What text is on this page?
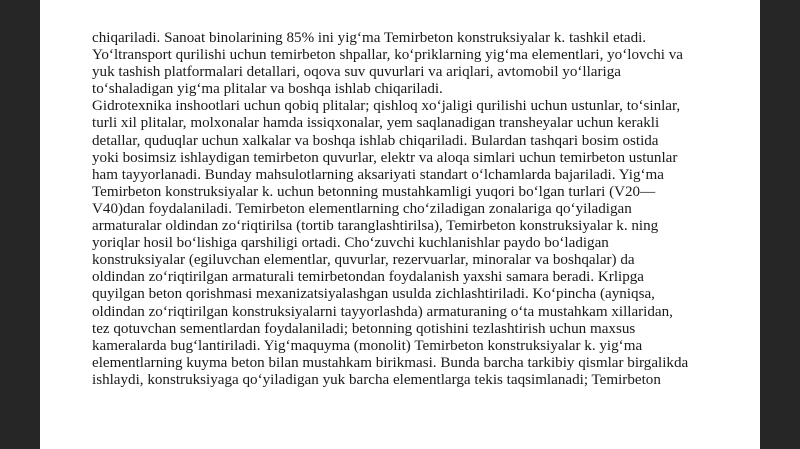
chiqariladi. Sanoat binolarining 85% ini yig‘ma Temirbeton konstruksiyalar k. tashkil etadi.
Yo‘ltransport qurilishi uchun temirbeton shpallar, ko‘priklarning yig‘ma elementlari, yo‘lovchi va
yuk tashish platformalari detallari, oqova suv quvurlari va ariqlari, avtomobil yo‘llariga
to‘shaladigan yig‘ma plitalar va boshqa ishlab chiqariladi.
Gidrotexnika inshootlari uchun qobiq plitalar; qishloq xo‘jaligi qurilishi uchun ustunlar, to‘sinlar,
turli xil plitalar, molxonalar hamda issiqxonalar, yem saqlanadigan transheyalar uchun kerakli
detallar, quduqlar uchun xalkalar va boshqa ishlab chiqariladi. Bulardan tashqari bosim ostida
yoki bosimsiz ishlaydigan temirbeton quvurlar, elektr va aloqa simlari uchun temirbeton ustunlar
ham tayyorlanadi. Bunday mahsulotlarning aksariyati standart o‘lchamlarda bajariladi. Yig‘ma
Temirbeton konstruksiyalar k. uchun betonning mustahkamligi yuqori bo‘lgan turlari (V20—
V40)dan foydalaniladi. Temirbeton elementlarning cho‘ziladigan zonalariga qo‘yiladigan
armaturalar oldindan zo‘riqtirilsa (tortib taranglashtirilsa), Temirbeton konstruksiyalar k. ning
yoriqlar hosil bo‘lishiga qarshiligi ortadi. Cho‘zuvchi kuchlanishlar paydo bo‘ladigan
konstruksiyalar (egiluvchan elementlar, quvurlar, rezervuarlar, minoralar va boshqalar) da
oldindan zo‘riqtirilgan armaturali temirbetondan foydalanish yaxshi samara beradi. Krlipga
quyilgan beton qorishmasi mexanizatsiyalashgan usulda zichlashtiriladi. Ko‘pincha (ayniqsa,
oldindan zo‘riqtirilgan konstruksiyalarni tayyorlashda) armaturaning o‘ta mustahkam xillaridan,
tez qotuvchan sementlardan foydalaniladi; betonning qotishini tezlashtirish uchun maxsus
kameralarda bug‘lantiriladi. Yig‘maquyma (monolit) Temirbeton konstruksiyalar k. yig‘ma
elementlarning kuyma beton bilan mustahkam birikmasi. Bunda barcha tarkibiy qismlar birgalikda
ishlaydi, konstruksiyaga qo‘yiladigan yuk barcha elementlarga tekis taqsimlanadi; Temirbeton
